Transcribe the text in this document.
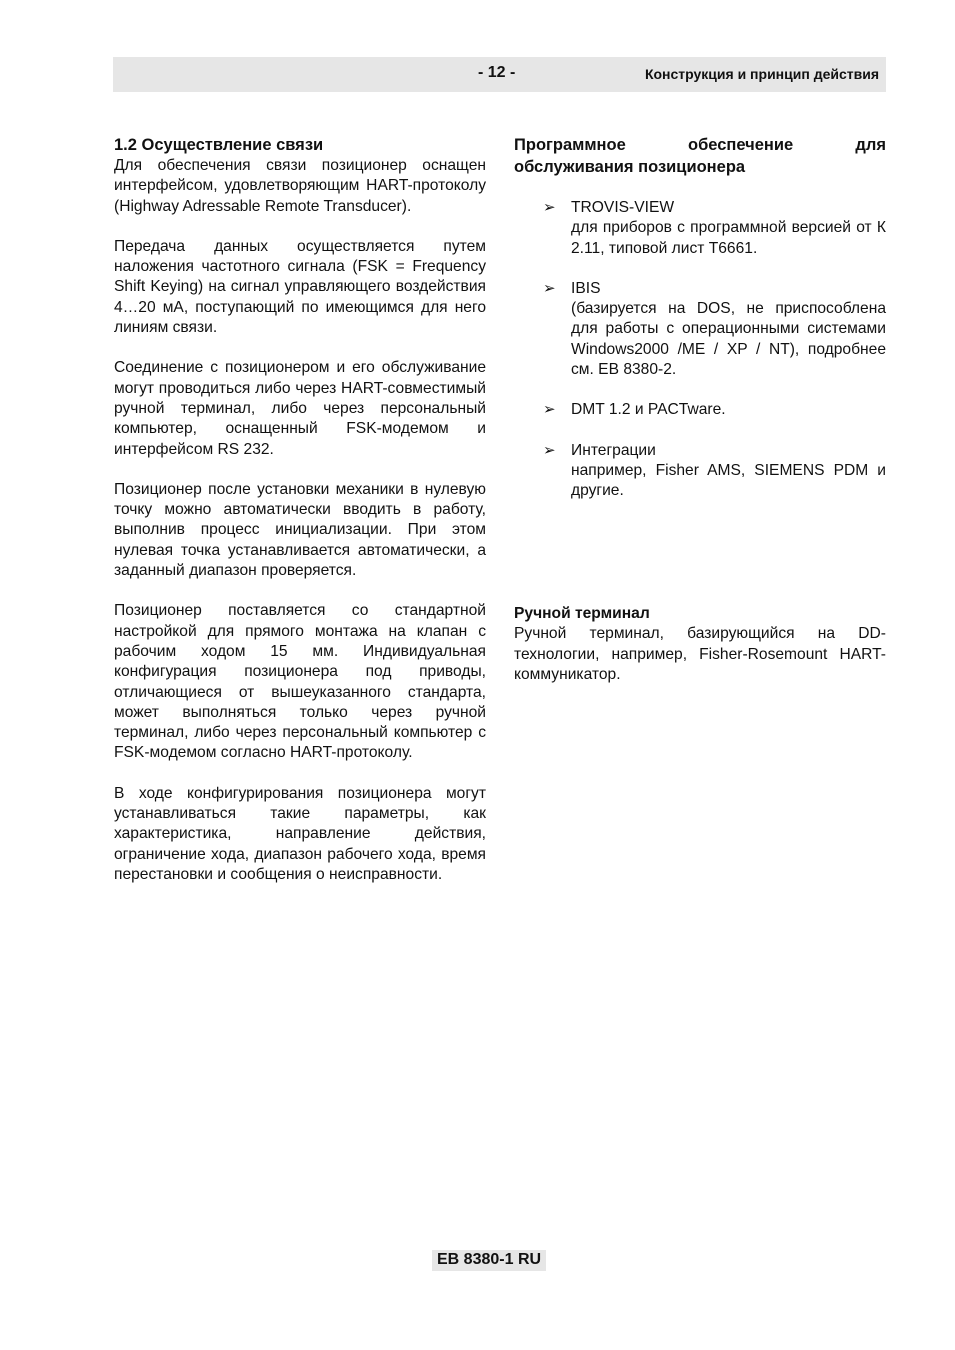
- 12 -	Конструкция и принцип действия
1.2 Осуществление связи

Для обеспечения связи позиционер оснащен интерфейсом, удовлетворяющим HART-протоколу (Highway Adressable Remote Transducer).

Передача данных осуществляется путем наложения частотного сигнала (FSK = Frequency Shift Keying) на сигнал управляющего воздействия 4…20 мА, поступающий по имеющимся для него линиям связи.

Соединение с позиционером и его обслуживание могут проводиться либо через HART-совместимый ручной терминал, либо через персональный компьютер, оснащенный FSK-модемом и интерфейсом RS 232.

Позиционер после установки механики в нулевую точку можно автоматически вводить в работу, выполнив процесс инициализации. При этом нулевая точка устанавливается автоматически, а заданный диапазон проверяется.

Позиционер поставляется со стандартной настройкой для прямого монтажа на клапан с рабочим ходом 15 мм. Индивидуальная конфигурация позиционера под приводы, отличающиеся от вышеуказанного стандарта, может выполняться только через ручной терминал, либо через персональный компьютер с FSK-модемом согласно HART-протоколу.

В ходе конфигурирования позиционера могут устанавливаться такие параметры, как характеристика, направление действия, ограничение хода, диапазон рабочего хода, время перестановки и сообщения о неисправности.

Программное обеспечение для обслуживания позиционера
➢ TROVIS-VIEW
для приборов с программной версией от К 2.11, типовой лист Т6661.
➢ IBIS
(базируется на DOS, не приспособлена для работы с операционными системами Windows2000 /ME / XP / NT), подробнее см. ЕВ 8380-2.
➢ DMT 1.2 и PACTware.
➢ Интеграции
например, Fisher AMS, SIEMENS PDM и другие.
Ручной терминал

Ручной терминал, базирующийся на DD-технологии, например, Fisher-Rosemount HART-коммуникатор.

EB 8380-1 RU
